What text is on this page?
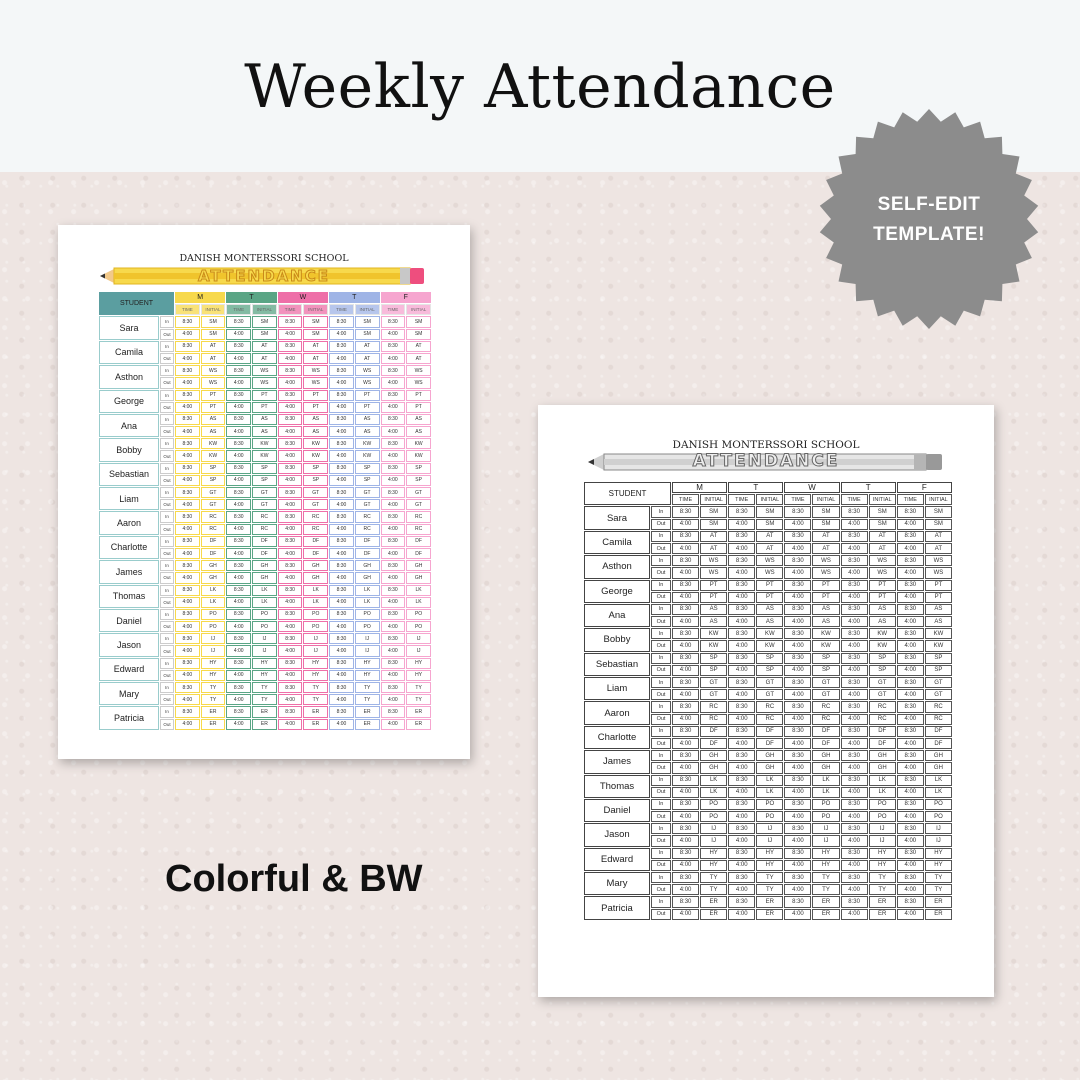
Weekly Attendance
SELF-EDIT
TEMPLATE!
DANISH MONTERSSORI SCHOOL
ATTENDANCE
STUDENT		M		T		W		T		F	
		TIME	INITIAL	TIME	INITIAL	TIME	INITIAL	TIME	INITIAL	TIME	INITIAL
Sara	In	8:30	SM	8:30	SM	8:30	SM	8:30	SM	8:30	SM
	Out	4:00	SM	4:00	SM	4:00	SM	4:00	SM	4:00	SM
Camila	In	8:30	AT	8:30	AT	8:30	AT	8:30	AT	8:30	AT
	Out	4:00	AT	4:00	AT	4:00	AT	4:00	AT	4:00	AT
Asthon	In	8:30	WS	8:30	WS	8:30	WS	8:30	WS	8:30	WS
	Out	4:00	WS	4:00	WS	4:00	WS	4:00	WS	4:00	WS
George	In	8:30	PT	8:30	PT	8:30	PT	8:30	PT	8:30	PT
	Out	4:00	PT	4:00	PT	4:00	PT	4:00	PT	4:00	PT
Ana	In	8:30	AS	8:30	AS	8:30	AS	8:30	AS	8:30	AS
	Out	4:00	AS	4:00	AS	4:00	AS	4:00	AS	4:00	AS
Bobby	In	8:30	KW	8:30	KW	8:30	KW	8:30	KW	8:30	KW
	Out	4:00	KW	4:00	KW	4:00	KW	4:00	KW	4:00	KW
Sebastian	In	8:30	SP	8:30	SP	8:30	SP	8:30	SP	8:30	SP
	Out	4:00	SP	4:00	SP	4:00	SP	4:00	SP	4:00	SP
Liam	In	8:30	GT	8:30	GT	8:30	GT	8:30	GT	8:30	GT
	Out	4:00	GT	4:00	GT	4:00	GT	4:00	GT	4:00	GT
Aaron	In	8:30	RC	8:30	RC	8:30	RC	8:30	RC	8:30	RC
	Out	4:00	RC	4:00	RC	4:00	RC	4:00	RC	4:00	RC
Charlotte	In	8:30	DF	8:30	DF	8:30	DF	8:30	DF	8:30	DF
	Out	4:00	DF	4:00	DF	4:00	DF	4:00	DF	4:00	DF
James	In	8:30	GH	8:30	GH	8:30	GH	8:30	GH	8:30	GH
	Out	4:00	GH	4:00	GH	4:00	GH	4:00	GH	4:00	GH
Thomas	In	8:30	LK	8:30	LK	8:30	LK	8:30	LK	8:30	LK
	Out	4:00	LK	4:00	LK	4:00	LK	4:00	LK	4:00	LK
Daniel	In	8:30	PO	8:30	PO	8:30	PO	8:30	PO	8:30	PO
	Out	4:00	PO	4:00	PO	4:00	PO	4:00	PO	4:00	PO
Jason	In	8:30	IJ	8:30	IJ	8:30	IJ	8:30	IJ	8:30	IJ
	Out	4:00	IJ	4:00	IJ	4:00	IJ	4:00	IJ	4:00	IJ
Edward	In	8:30	HY	8:30	HY	8:30	HY	8:30	HY	8:30	HY
	Out	4:00	HY	4:00	HY	4:00	HY	4:00	HY	4:00	HY
Mary	In	8:30	TY	8:30	TY	8:30	TY	8:30	TY	8:30	TY
	Out	4:00	TY	4:00	TY	4:00	TY	4:00	TY	4:00	TY
Patricia	In	8:30	ER	8:30	ER	8:30	ER	8:30	ER	8:30	ER
	Out	4:00	ER	4:00	ER	4:00	ER	4:00	ER	4:00	ER
DANISH MONTERSSORI SCHOOL
ATTENDANCE
STUDENT		M		T		W		T		F	
		TIME	INITIAL	TIME	INITIAL	TIME	INITIAL	TIME	INITIAL	TIME	INITIAL
Sara	In	8:30	SM	8:30	SM	8:30	SM	8:30	SM	8:30	SM
	Out	4:00	SM	4:00	SM	4:00	SM	4:00	SM	4:00	SM
Camila	In	8:30	AT	8:30	AT	8:30	AT	8:30	AT	8:30	AT
	Out	4:00	AT	4:00	AT	4:00	AT	4:00	AT	4:00	AT
Asthon	In	8:30	WS	8:30	WS	8:30	WS	8:30	WS	8:30	WS
	Out	4:00	WS	4:00	WS	4:00	WS	4:00	WS	4:00	WS
George	In	8:30	PT	8:30	PT	8:30	PT	8:30	PT	8:30	PT
	Out	4:00	PT	4:00	PT	4:00	PT	4:00	PT	4:00	PT
Ana	In	8:30	AS	8:30	AS	8:30	AS	8:30	AS	8:30	AS
	Out	4:00	AS	4:00	AS	4:00	AS	4:00	AS	4:00	AS
Bobby	In	8:30	KW	8:30	KW	8:30	KW	8:30	KW	8:30	KW
	Out	4:00	KW	4:00	KW	4:00	KW	4:00	KW	4:00	KW
Sebastian	In	8:30	SP	8:30	SP	8:30	SP	8:30	SP	8:30	SP
	Out	4:00	SP	4:00	SP	4:00	SP	4:00	SP	4:00	SP
Liam	In	8:30	GT	8:30	GT	8:30	GT	8:30	GT	8:30	GT
	Out	4:00	GT	4:00	GT	4:00	GT	4:00	GT	4:00	GT
Aaron	In	8:30	RC	8:30	RC	8:30	RC	8:30	RC	8:30	RC
	Out	4:00	RC	4:00	RC	4:00	RC	4:00	RC	4:00	RC
Charlotte	In	8:30	DF	8:30	DF	8:30	DF	8:30	DF	8:30	DF
	Out	4:00	DF	4:00	DF	4:00	DF	4:00	DF	4:00	DF
James	In	8:30	GH	8:30	GH	8:30	GH	8:30	GH	8:30	GH
	Out	4:00	GH	4:00	GH	4:00	GH	4:00	GH	4:00	GH
Thomas	In	8:30	LK	8:30	LK	8:30	LK	8:30	LK	8:30	LK
	Out	4:00	LK	4:00	LK	4:00	LK	4:00	LK	4:00	LK
Daniel	In	8:30	PO	8:30	PO	8:30	PO	8:30	PO	8:30	PO
	Out	4:00	PO	4:00	PO	4:00	PO	4:00	PO	4:00	PO
Jason	In	8:30	IJ	8:30	IJ	8:30	IJ	8:30	IJ	8:30	IJ
	Out	4:00	IJ	4:00	IJ	4:00	IJ	4:00	IJ	4:00	IJ
Edward	In	8:30	HY	8:30	HY	8:30	HY	8:30	HY	8:30	HY
	Out	4:00	HY	4:00	HY	4:00	HY	4:00	HY	4:00	HY
Mary	In	8:30	TY	8:30	TY	8:30	TY	8:30	TY	8:30	TY
	Out	4:00	TY	4:00	TY	4:00	TY	4:00	TY	4:00	TY
Patricia	In	8:30	ER	8:30	ER	8:30	ER	8:30	ER	8:30	ER
	Out	4:00	ER	4:00	ER	4:00	ER	4:00	ER	4:00	ER
Colorful & BW
